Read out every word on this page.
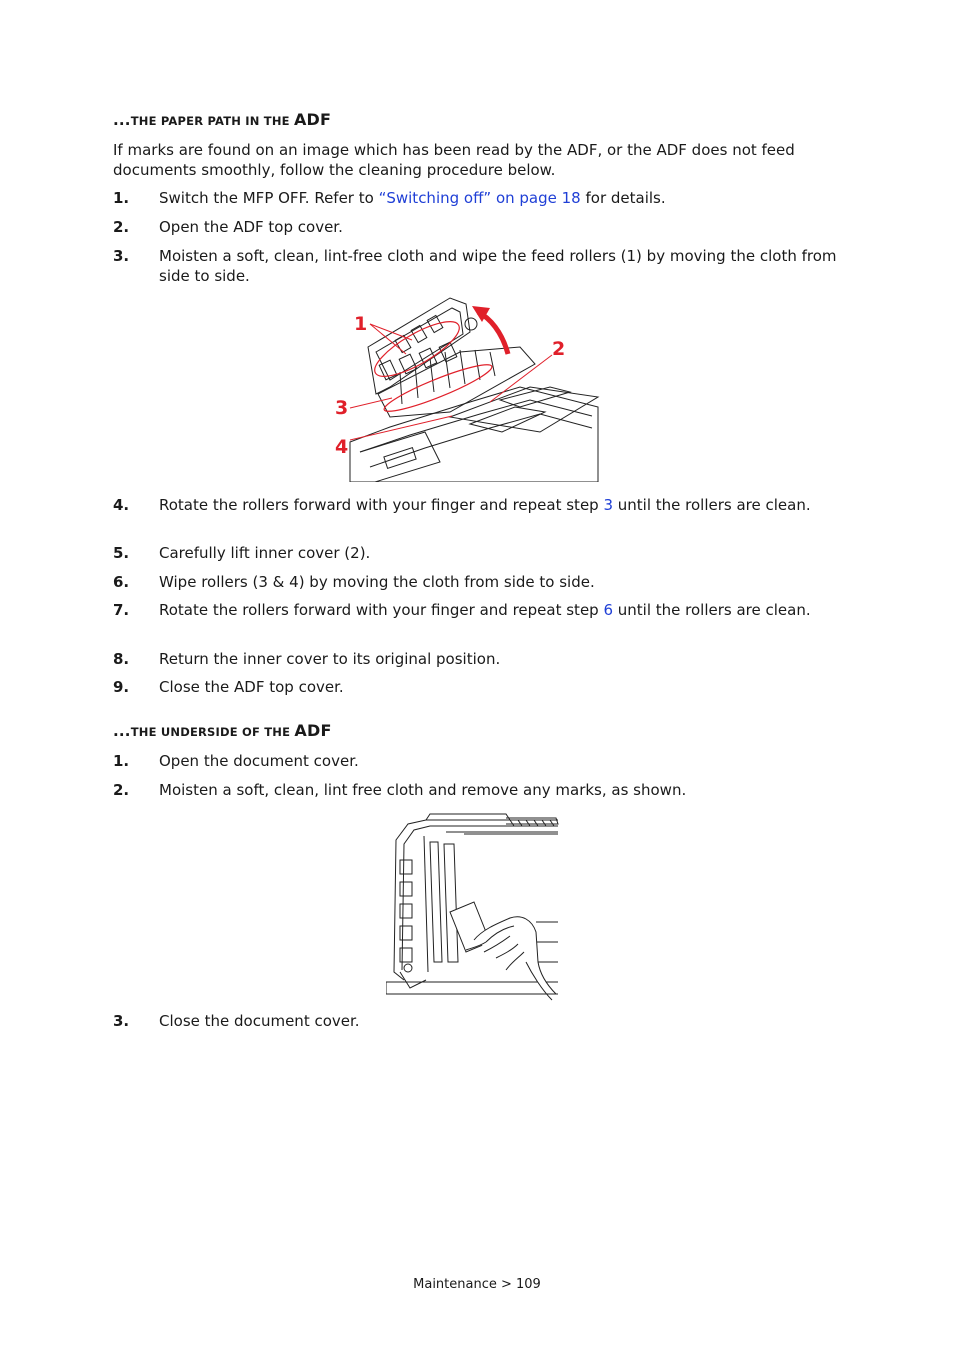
...THE PAPER PATH IN THE ADF

If marks are found on an image which has been read by the ADF, or the ADF does not feed documents smoothly, follow the cleaning procedure below.

1. Switch the MFP OFF. Refer to “Switching off” on page 18 for details.
2. Open the ADF top cover.
3. Moisten a soft, clean, lint-free cloth and wipe the feed rollers (1) by moving the cloth from side to side.
1
2
3
4
4. Rotate the rollers forward with your finger and repeat step 3 until the rollers are clean.
5. Carefully lift inner cover (2).
6. Wipe rollers (3 & 4) by moving the cloth from side to side.
7. Rotate the rollers forward with your finger and repeat step 6 until the rollers are clean.
8. Return the inner cover to its original position.
9. Close the ADF top cover.
...THE UNDERSIDE OF THE ADF
1. Open the document cover.
2. Moisten a soft, clean, lint free cloth and remove any marks, as shown.
3. Close the document cover.
Maintenance > 109
